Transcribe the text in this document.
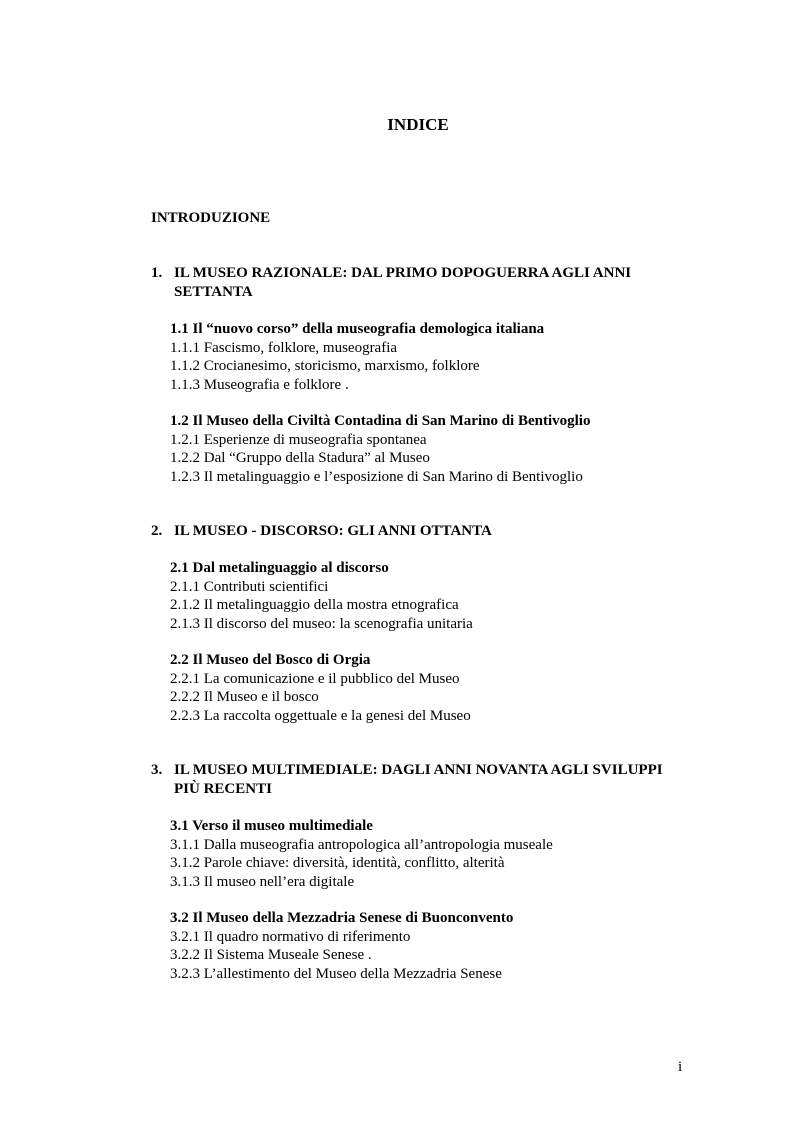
INDICE
INTRODUZIONE
1. IL MUSEO RAZIONALE: DAL PRIMO DOPOGUERRA AGLI ANNI SETTANTA
1.1 Il “nuovo corso” della museografia demologica italiana
1.1.1 Fascismo, folklore, museografia
1.1.2 Crocianesimo, storicismo, marxismo, folklore
1.1.3 Museografia e folklore .
1.2 Il Museo della Civiltà Contadina di San Marino di Bentivoglio
1.2.1 Esperienze di museografia spontanea
1.2.2 Dal “Gruppo della Stadura” al Museo
1.2.3 Il metalinguaggio e l’esposizione di San Marino di Bentivoglio
2. IL MUSEO - DISCORSO: GLI ANNI OTTANTA
2.1 Dal metalinguaggio al discorso
2.1.1 Contributi scientifici
2.1.2 Il metalinguaggio della mostra etnografica
2.1.3 Il discorso del museo: la scenografia unitaria
2.2 Il Museo del Bosco di Orgia
2.2.1 La comunicazione e il pubblico del Museo
2.2.2 Il Museo e il bosco
2.2.3 La raccolta oggettuale e la genesi del Museo
3. IL MUSEO MULTIMEDIALE: DAGLI ANNI NOVANTA AGLI SVILUPPI PIÙ RECENTI
3.1 Verso il museo multimediale
3.1.1 Dalla museografia antropologica all’antropologia museale
3.1.2 Parole chiave: diversità, identità, conflitto, alterità
3.1.3 Il museo nell’era digitale
3.2 Il Museo della Mezzadria Senese di Buonconvento
3.2.1 Il quadro normativo di riferimento
3.2.2 Il Sistema Museale Senese .
3.2.3 L’allestimento del Museo della Mezzadria Senese
i
